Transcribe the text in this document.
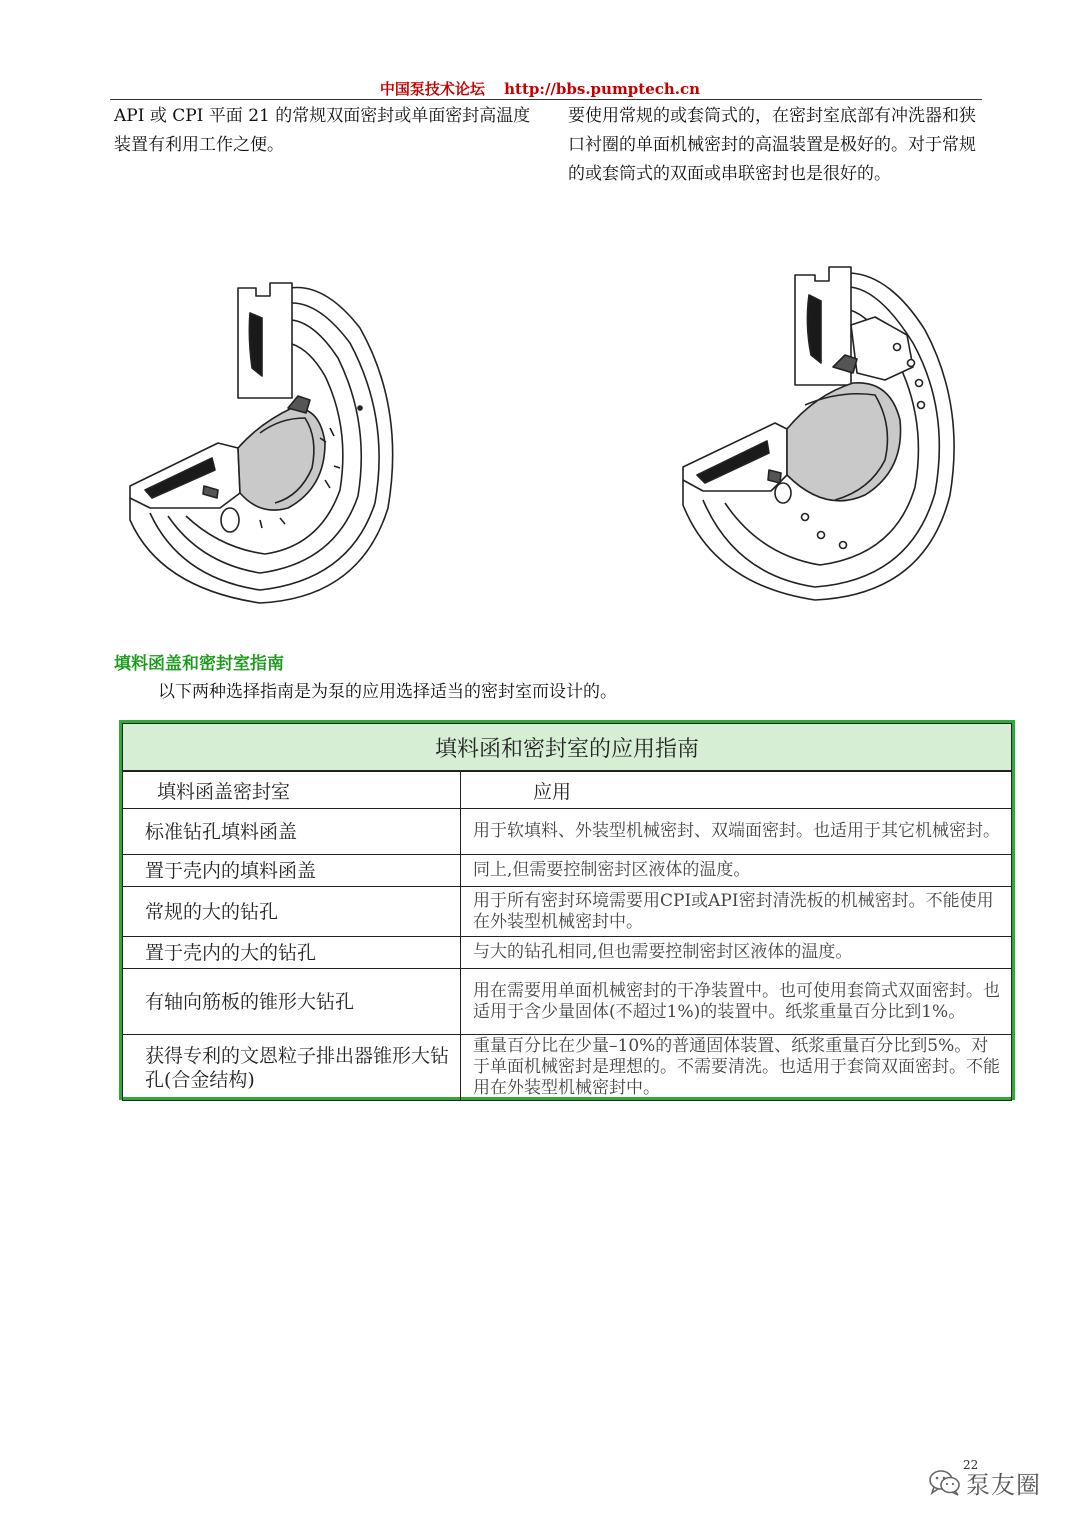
中国泵技术论坛 http://bbs.pumptech.cn
API 或 CPI 平面 21 的常规双面密封或单面密封高温度装置有利用工作之便。
要使用常规的或套筒式的，在密封室底部有冲洗器和狭口衬圈的单面机械密封的高温装置是极好的。对于常规的或套筒式的双面或串联密封也是很好的。
填料函盖和密封室指南
以下两种选择指南是为泵的应用选择适当的密封室而设计的。
填料函和密封室的应用指南	
填料函盖密封室	应用
标准钻孔填料函盖	用于软填料、外装型机械密封、双端面密封。也适用于其它机械密封。
置于壳内的填料函盖	同上,但需要控制密封区液体的温度。
常规的大的钻孔	用于所有密封环境需要用CPI或API密封清洗板的机械密封。不能使用在外装型机械密封中。
置于壳内的大的钻孔	与大的钻孔相同,但也需要控制密封区液体的温度。
有轴向筋板的锥形大钻孔	用在需要用单面机械密封的干净装置中。也可使用套筒式双面密封。也适用于含少量固体(不超过1%)的装置中。纸浆重量百分比到1%。
获得专利的文恩粒子排出器锥形大钻孔(合金结构)	重量百分比在少量–10%的普通固体装置、纸浆重量百分比到5%。对于单面机械密封是理想的。不需要清洗。也适用于套筒双面密封。不能用在外装型机械密封中。
22
泵友圈
